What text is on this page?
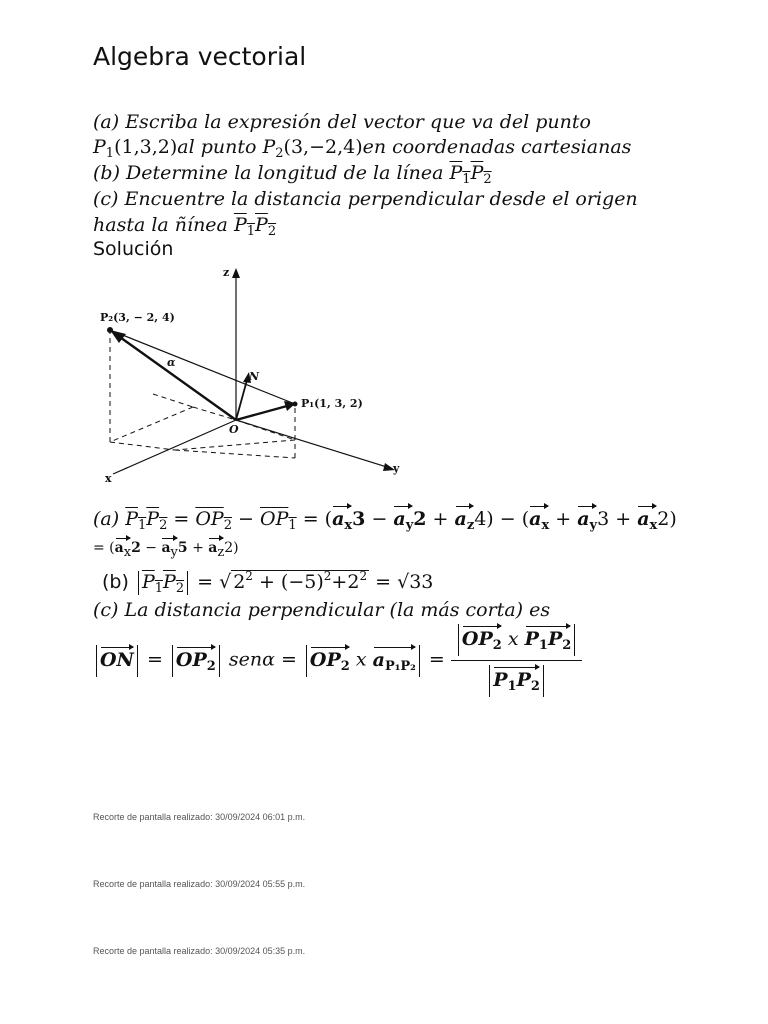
Algebra vectorial
(a) Escriba la expresión del vector que va del punto
$P_1(1,3,2)al$ punto $P_2(3,-2,4)en$ coordenadas cartesianas
(b) Determine la longitud de la línea $P_1P_2$
(c) Encuentre la distancia perpendicular desde el origen
hasta la ñínea $P_1P_2$
Solución
z
y
x
P₂(3, − 2, 4)
P₁(1, 3, 2)
O
N
α
(a) $P_1P_2 = OP_2 - OP_1 = (a_x3 - a_y2 + a_z4) - (a_x + a_y3 + a_x2)$
= (ax2 − ay5 + az2)
(b) $P_1P_2$ = √ $2^2 + (-5)^2+2^2 = √33$
(c) La distancia perpendicular (la más corta) es
ON = $OP_2$ $sen\alpha = OP_2$ x $a_{P_1P_2} = \frac{OP_2 x P_1P_2}{P_1P_2}$
Recorte de pantalla realizado: 30/09/2024 06:01 p.m.
Recorte de pantalla realizado: 30/09/2024 05:55 p.m.
Recorte de pantalla realizado: 30/09/2024 05:35 p.m.
